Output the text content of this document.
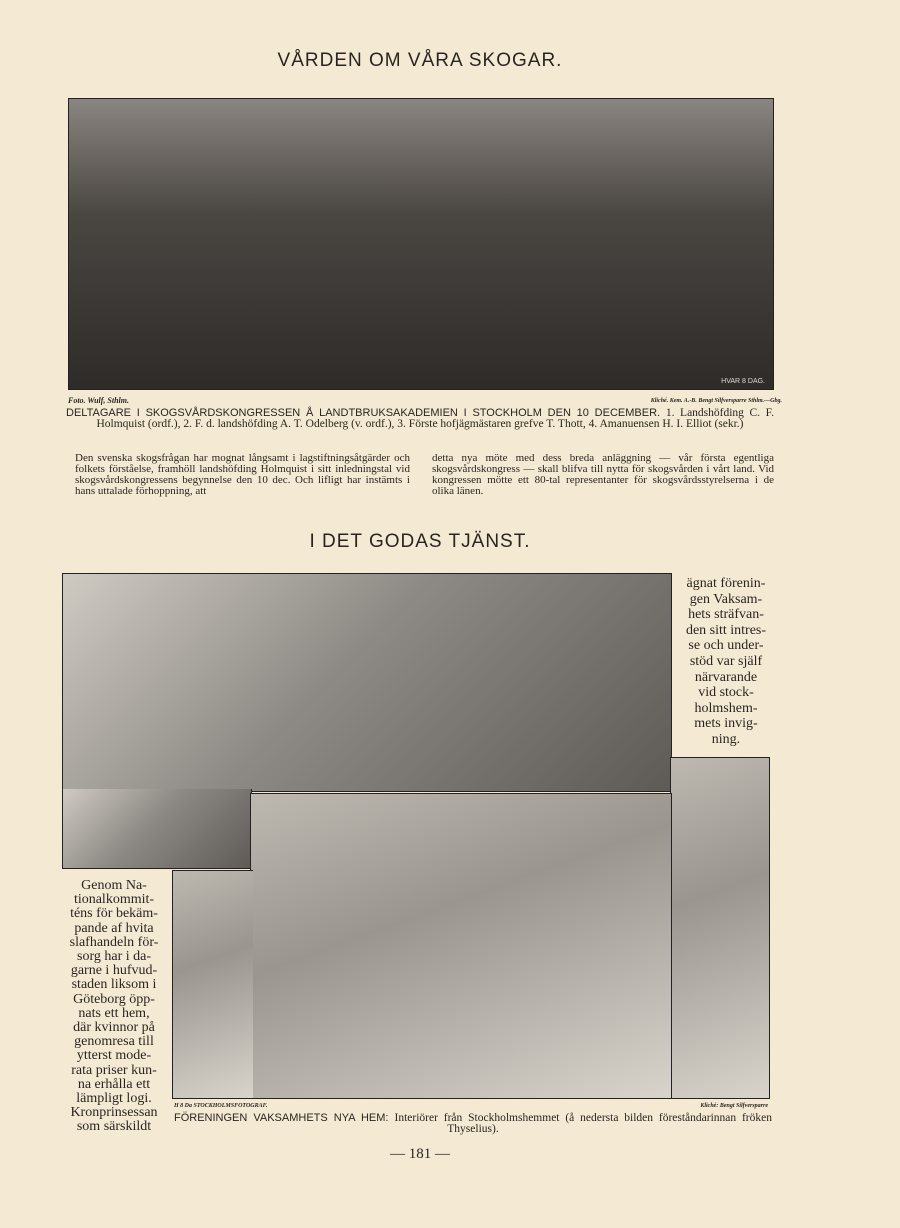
VÅRDEN OM VÅRA SKOGAR.
HVAR 8 DAG.
Foto. Wulf, Sthlm.	Kliché. Kem. A.-B. Bengt Silfversparre Sthlm.—Gbg.
DELTAGARE I SKOGSVÅRDSKONGRESSEN Å LANDTBRUKSAKADEMIEN I STOCKHOLM DEN 10 DECEMBER. 1. Landshöfding C. F. Holmquist (ordf.), 2. F. d. landshöfding A. T. Odelberg (v. ordf.), 3. Förste hofjägmästaren grefve T. Thott, 4. Amanuensen H. I. Elliot (sekr.)
Den svenska skogsfrågan har mognat långsamt i lagstiftningsåtgärder och folkets förståelse, framhöll landshöfding Holmquist i sitt inledningstal vid skogsvårdskongressens begynnelse den 10 dec. Och lifligt har instämts i hans uttalade förhoppning, att
detta nya möte med dess breda anläggning — vår första egentliga skogsvårdskongress — skall blifva till nytta för skogsvården i vårt land. Vid kongressen mötte ett 80-tal representanter för skogsvårdsstyrelserna i de olika länen.
I DET GODAS TJÄNST.
ägnat förenin-
gen Vaksam-
hets sträfvan-
den sitt intres-
se och under-
stöd var själf
närvarande
vid stock-
holmshem-
mets invig-
ning.
Genom Na-
tionalkommit-
téns för bekäm-
pande af hvita
slafhandeln för-
sorg har i da-
garne i hufvud-
staden liksom i
Göteborg öpp-
nats ett hem,
där kvinnor på
genomresa till
ytterst mode-
rata priser kun-
na erhålla ett
lämpligt logi.
Kronprinsessan
som särskildt
H 8 Da STOCKHOLMSFOTOGRAF.	Kliché: Bengt Silfversparre
FÖRENINGEN VAKSAMHETS NYA HEM: Interiörer från Stockholmshemmet (å nedersta bilden föreståndarinnan fröken Thyselius).
— 181 —
